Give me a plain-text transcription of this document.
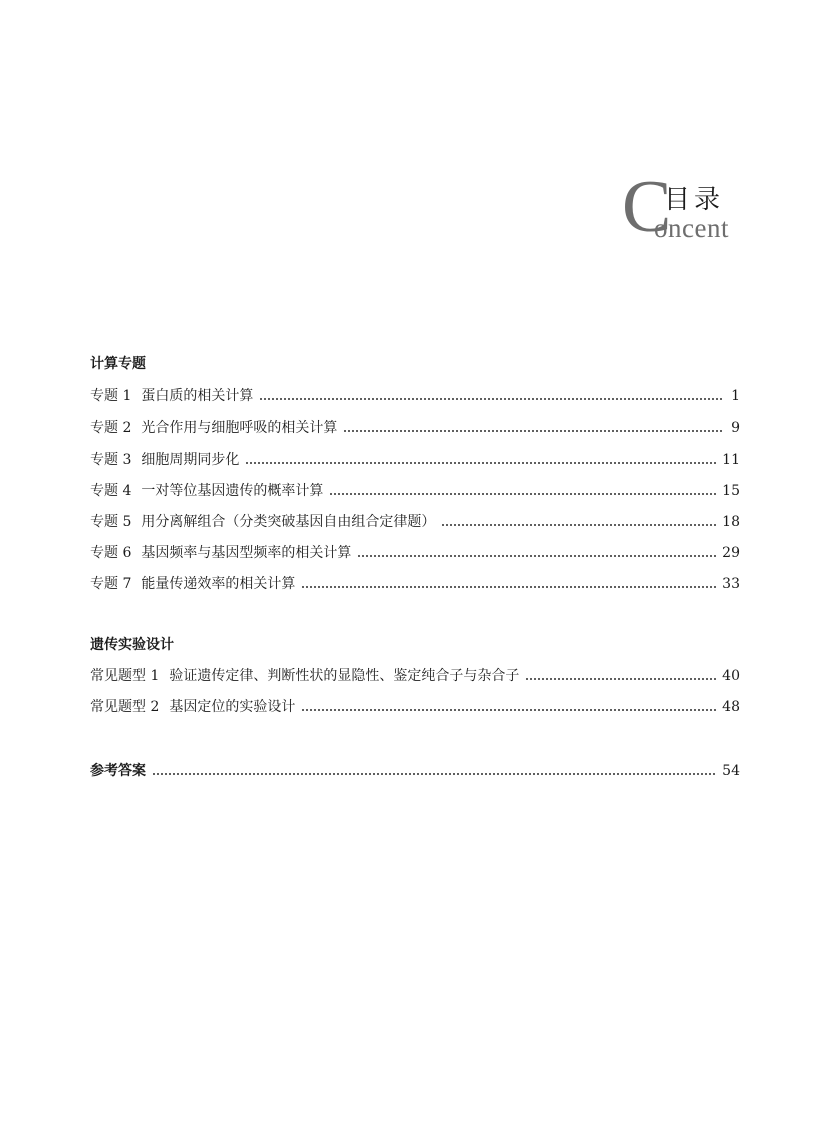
C
目录
oncent
计算专题
专题 1 蛋白质的相关计算	1
专题 2 光合作用与细胞呼吸的相关计算	9
专题 3 细胞周期同步化	11
专题 4 一对等位基因遗传的概率计算	15
专题 5 用分离解组合（分类突破基因自由组合定律题）	18
专题 6 基因频率与基因型频率的相关计算	29
专题 7 能量传递效率的相关计算	33
遗传实验设计
常见题型 1 验证遗传定律、判断性状的显隐性、鉴定纯合子与杂合子	40
常见题型 2 基因定位的实验设计	48
参考答案	54
